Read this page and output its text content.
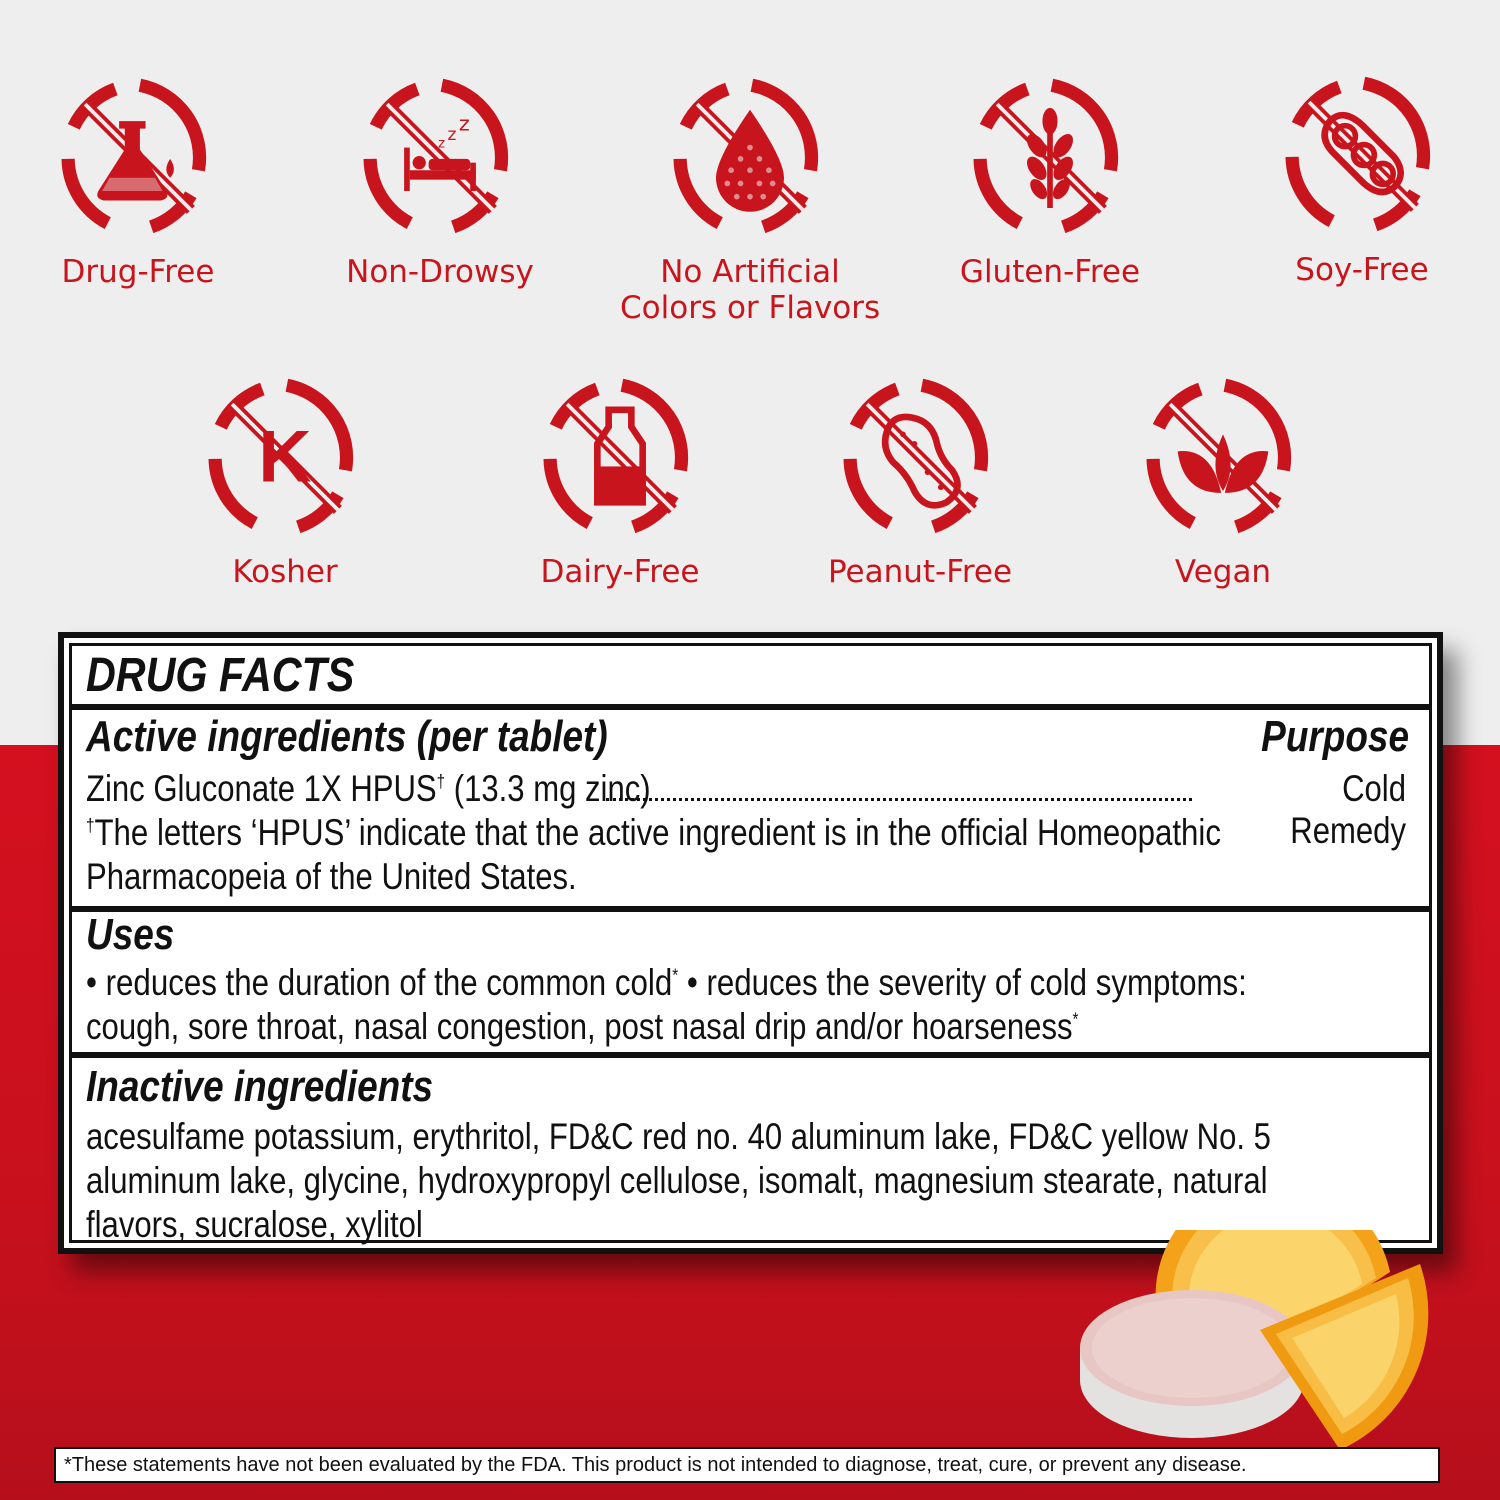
Drug-Free
z z z
Non-Drowsy	No Artificial
Colors or Flavors
Gluten-Free	Soy-Free
K
Kosher	Dairy-Free	Peanut-Free	Vegan
DRUG FACTS
Active ingredients (per tablet)	Purpose
Zinc Gluconate 1X HPUS† (13.3 mg zinc)	Cold Remedy
†The letters ‘HPUS’ indicate that the active ingredient is in the official Homeopathic
Pharmacopeia of the United States.
Uses
• reduces the duration of the common cold* • reduces the severity of cold symptoms:
cough, sore throat, nasal congestion, post nasal drip and/or hoarseness*
Inactive ingredients
acesulfame potassium, erythritol, FD&C red no. 40 aluminum lake, FD&C yellow No. 5
aluminum lake, glycine, hydroxypropyl cellulose, isomalt, magnesium stearate, natural
flavors, sucralose, xylitol
*These statements have not been evaluated by the FDA. This product is not intended to diagnose, treat, cure, or prevent any disease.
